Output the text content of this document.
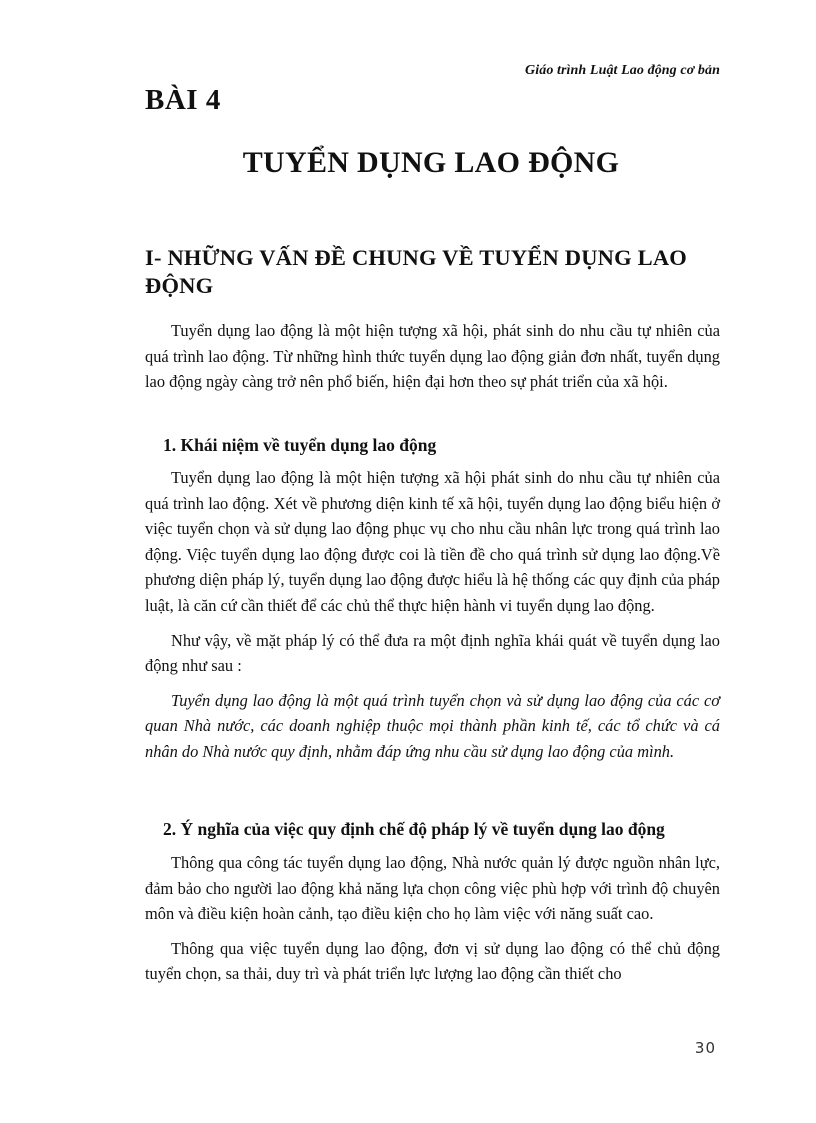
Giáo trình Luật Lao động cơ bản
BÀI 4
TUYỂN DỤNG LAO ĐỘNG
I- NHỮNG VẤN ĐỀ CHUNG VỀ TUYỂN DỤNG LAO ĐỘNG

Tuyển dụng lao động là một hiện tượng xã hội, phát sinh do nhu cầu tự nhiên của quá trình lao động. Từ những hình thức tuyển dụng lao động giản đơn nhất, tuyển dụng lao động ngày càng trở nên phổ biến, hiện đại hơn theo sự phát triển của xã hội.

1. Khái niệm về tuyển dụng lao động

Tuyển dụng lao động là một hiện tượng xã hội phát sinh do nhu cầu tự nhiên của quá trình lao động. Xét về phương diện kinh tế xã hội, tuyển dụng lao động biểu hiện ở việc tuyển chọn và sử dụng lao động phục vụ cho nhu cầu nhân lực trong quá trình lao động. Việc tuyển dụng lao động được coi là tiền đề cho quá trình sử dụng lao động.Về phương diện pháp lý, tuyển dụng lao động được hiểu là hệ thống các quy định của pháp luật, là căn cứ cần thiết để các chủ thể thực hiện hành vi tuyển dụng lao động.

Như vậy, về mặt pháp lý có thể đưa ra một định nghĩa khái quát về tuyển dụng lao động như sau :

Tuyển dụng lao động là một quá trình tuyển chọn và sử dụng lao động của các cơ quan Nhà nước, các doanh nghiệp thuộc mọi thành phần kinh tế, các tổ chức và cá nhân do Nhà nước quy định, nhằm đáp ứng nhu cầu sử dụng lao động của mình.

2. Ý nghĩa của việc quy định chế độ pháp lý về tuyển dụng lao động

Thông qua công tác tuyển dụng lao động, Nhà nước quản lý được nguồn nhân lực, đảm bảo cho người lao động khả năng lựa chọn công việc phù hợp với trình độ chuyên môn và điều kiện hoàn cảnh, tạo điều kiện cho họ làm việc với năng suất cao.

Thông qua việc tuyển dụng lao động, đơn vị sử dụng lao động có thể chủ động tuyển chọn, sa thải, duy trì và phát triển lực lượng lao động cần thiết cho

30
